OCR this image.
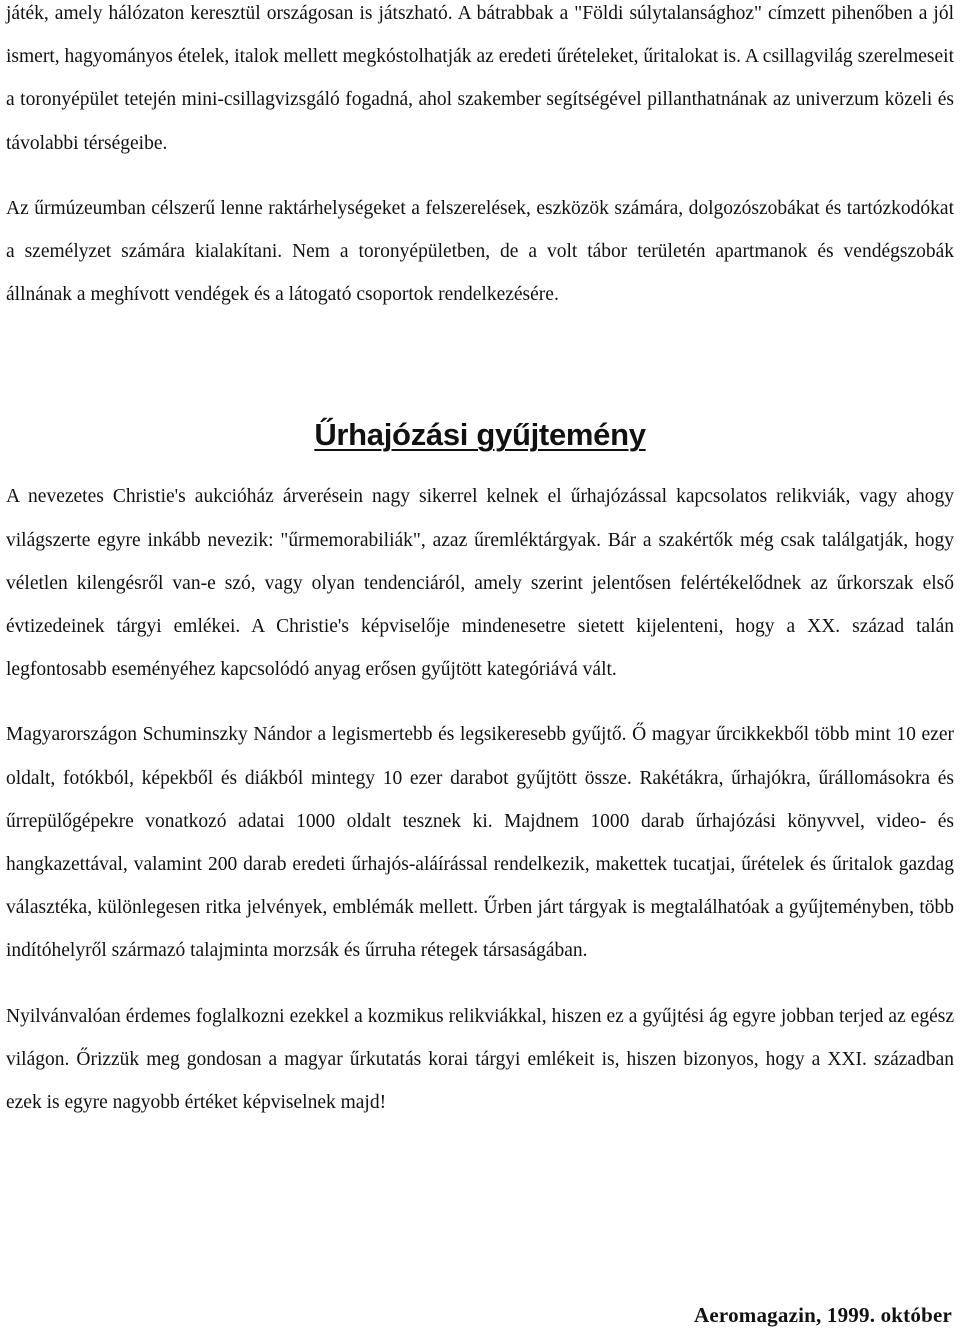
játék, amely hálózaton keresztül országosan is játszható. A bátrabbak a "Földi súlytalansághoz" címzett pihenőben a jól ismert, hagyományos ételek, italok mellett megkóstolhatják az eredeti űrételeket, űritalokat is. A csillagvilág szerelmeseit a toronyépület tetején mini-csillagvizsgáló fogadná, ahol szakember segítségével pillanthatnának az univerzum közeli és távolabbi térségeibe.

Az űrmúzeumban célszerű lenne raktárhelységeket a felszerelések, eszközök számára, dolgozószobákat és tartózkodókat a személyzet számára kialakítani. Nem a toronyépületben, de a volt tábor területén apartmanok és vendégszobák állnának a meghívott vendégek és a látogató csoportok rendelkezésére.

Űrhajózási gyűjtemény

A nevezetes Christie's aukcióház árverésein nagy sikerrel kelnek el űrhajózással kapcsolatos relikviák, vagy ahogy világszerte egyre inkább nevezik: "űrmemorabiliák", azaz űremléktárgyak. Bár a szakértők még csak találgatják, hogy véletlen kilengésről van-e szó, vagy olyan tendenciáról, amely szerint jelentősen felértékelődnek az űrkorszak első évtizedeinek tárgyi emlékei. A Christie's képviselője mindenesetre sietett kijelenteni, hogy a XX. század talán legfontosabb eseményéhez kapcsolódó anyag erősen gyűjtött kategóriává vált.

Magyarországon Schuminszky Nándor a legismertebb és legsikeresebb gyűjtő. Ő magyar űrcikkekből több mint 10 ezer oldalt, fotókból, képekből és diákból mintegy 10 ezer darabot gyűjtött össze. Rakétákra, űrhajókra, űrállomásokra és űrrepülőgépekre vonatkozó adatai 1000 oldalt tesznek ki. Majdnem 1000 darab űrhajózási könyvvel, video- és hangkazettával, valamint 200 darab eredeti űrhajós-aláírással rendelkezik, makettek tucatjai, űrételek és űritalok gazdag választéka, különlegesen ritka jelvények, emblémák mellett. Űrben járt tárgyak is megtalálhatóak a gyűjteményben, több indítóhelyről származó talajminta morzsák és űrruha rétegek társaságában.

Nyilvánvalóan érdemes foglalkozni ezekkel a kozmikus relikviákkal, hiszen ez a gyűjtési ág egyre jobban terjed az egész világon. Őrizzük meg gondosan a magyar űrkutatás korai tárgyi emlékeit is, hiszen bizonyos, hogy a XXI. században ezek is egyre nagyobb értéket képviselnek majd!

Aeromagazin, 1999. október
